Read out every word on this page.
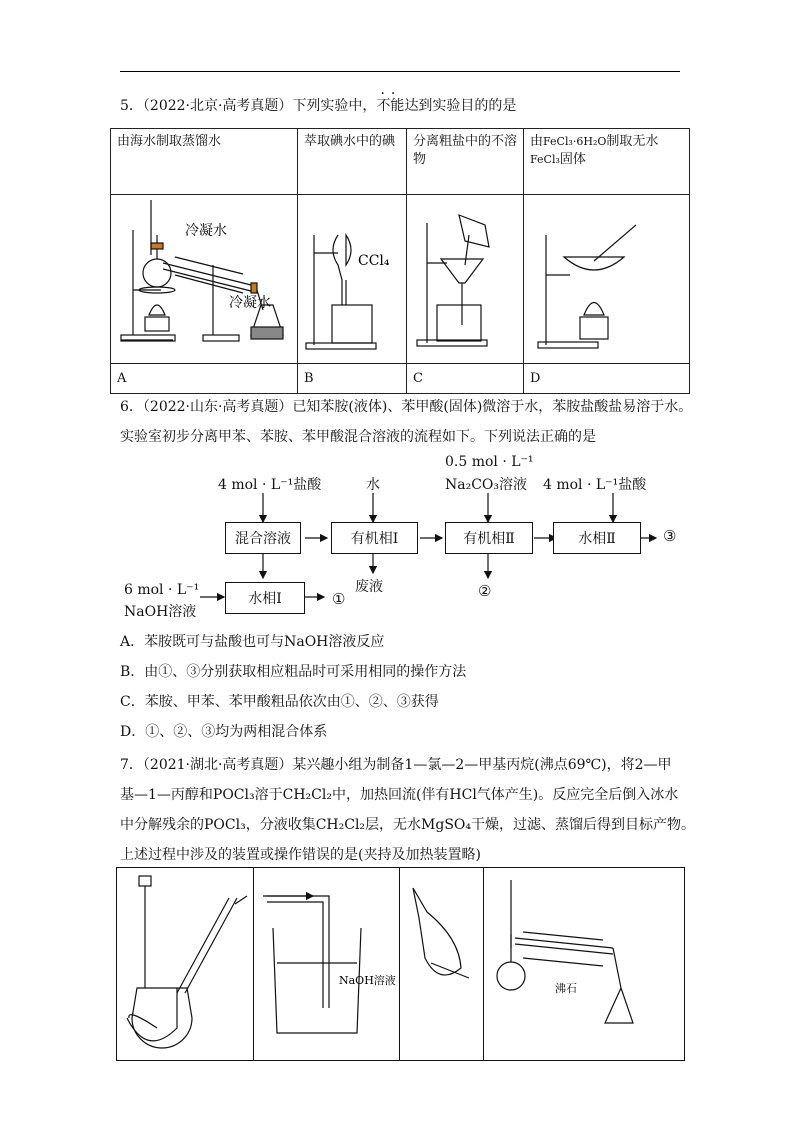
5．（2022·北京·高考真题）下列实验中，
··
不能达到实验目的的是
由海水制取蒸馏水	萃取碘水中的碘	分离粗盐中的不溶物	由FeCl₃·6H₂O制取无水
FeCl₃固体

冷凝水
冷凝水	CCl₄

A	B	C	D
6．（2022·山东·高考真题）已知苯胺(液体)、苯甲酸(固体)微溶于水，苯胺盐酸盐易溶于水。
实验室初步分离甲苯、苯胺、苯甲酸混合溶液的流程如下。下列说法正确的是
4 mol · L⁻¹盐酸	水
0.5 mol · L⁻¹
Na₂CO₃溶液 4 mol · L⁻¹盐酸
混合溶液	有机相Ⅰ	有机相Ⅱ	水相Ⅱ
水相Ⅰ
6 mol · L⁻¹
NaOH溶液
废液
①	②
③
A．苯胺既可与盐酸也可与NaOH溶液反应
B．由①、③分别获取相应粗品时可采用相同的操作方法
C．苯胺、甲苯、苯甲酸粗品依次由①、②、③获得
D．①、②、③均为两相混合体系
7．（2021·湖北·高考真题）某兴趣小组为制备1—氯—2—甲基丙烷(沸点69℃)，将2—甲
基—1—丙醇和POCl₃溶于CH₂Cl₂中，加热回流(伴有HCl气体产生)。反应完全后倒入冰水
中分解残余的POCl₃，分液收集CH₂Cl₂层，无水MgSO₄干燥，过滤、蒸馏后得到目标产物。
上述过程中涉及的装置或操作错误的是(夹持及加热装置略)
NaOH溶液
沸石
